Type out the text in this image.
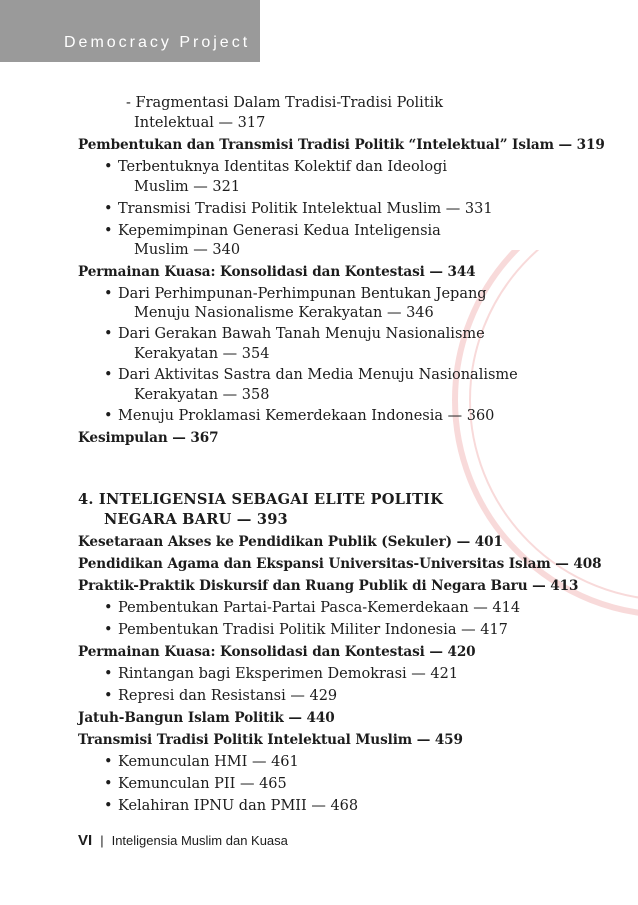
Democracy Project
- Fragmentasi Dalam Tradisi-Tradisi Politik
Intelektual — 317
Pembentukan dan Transmisi Tradisi Politik “Intelektual” Islam — 319
• Terbentuknya Identitas Kolektif dan Ideologi
Muslim — 321
• Transmisi Tradisi Politik Intelektual Muslim — 331
• Kepemimpinan Generasi Kedua Inteligensia
Muslim — 340
Permainan Kuasa: Konsolidasi dan Kontestasi — 344
• Dari Perhimpunan-Perhimpunan Bentukan Jepang
Menuju Nasionalisme Kerakyatan — 346
• Dari Gerakan Bawah Tanah Menuju Nasionalisme
Kerakyatan — 354
• Dari Aktivitas Sastra dan Media Menuju Nasionalisme
Kerakyatan — 358
• Menuju Proklamasi Kemerdekaan Indonesia — 360
Kesimpulan — 367
4. INTELIGENSIA SEBAGAI ELITE POLITIK
NEGARA BARU — 393
Kesetaraan Akses ke Pendidikan Publik (Sekuler) — 401
Pendidikan Agama dan Ekspansi Universitas-Universitas Islam — 408
Praktik-Praktik Diskursif dan Ruang Publik di Negara Baru — 413
• Pembentukan Partai-Partai Pasca-Kemerdekaan — 414
• Pembentukan Tradisi Politik Militer Indonesia — 417
Permainan Kuasa: Konsolidasi dan Kontestasi — 420
• Rintangan bagi Eksperimen Demokrasi — 421
• Represi dan Resistansi — 429
Jatuh-Bangun Islam Politik — 440
Transmisi Tradisi Politik Intelektual Muslim — 459
• Kemunculan HMI — 461
• Kemunculan PII — 465
• Kelahiran IPNU dan PMII — 468
VI | Inteligensia Muslim dan Kuasa
